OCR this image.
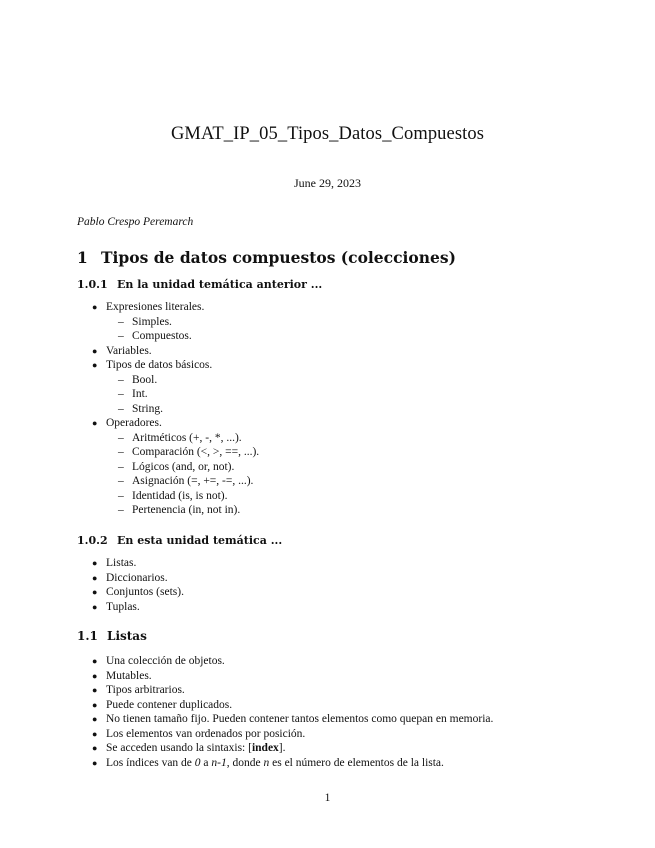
GMAT_IP_05_Tipos_Datos_Compuestos
June 29, 2023
Pablo Crespo Peremarch
1 Tipos de datos compuestos (colecciones)
1.0.1 En la unidad temática anterior ...
● Expresiones literales.
– Simples.
– Compuestos.
● Variables.
● Tipos de datos básicos.
– Bool.
– Int.
– String.
● Operadores.
– Aritméticos (+, -, *, ...).
– Comparación (<, >, ==, ...).
– Lógicos (and, or, not).
– Asignación (=, +=, -=, ...).
– Identidad (is, is not).
– Pertenencia (in, not in).
1.0.2 En esta unidad temática ...
● Listas.
● Diccionarios.
● Conjuntos (sets).
● Tuplas.
1.1 Listas
● Una colección de objetos.
● Mutables.
● Tipos arbitrarios.
● Puede contener duplicados.
● No tienen tamaño fijo. Pueden contener tantos elementos como quepan en memoria.
● Los elementos van ordenados por posición.
● Se acceden usando la sintaxis: [index].
● Los índices van de 0 a n-1, donde n es el número de elementos de la lista.
1
